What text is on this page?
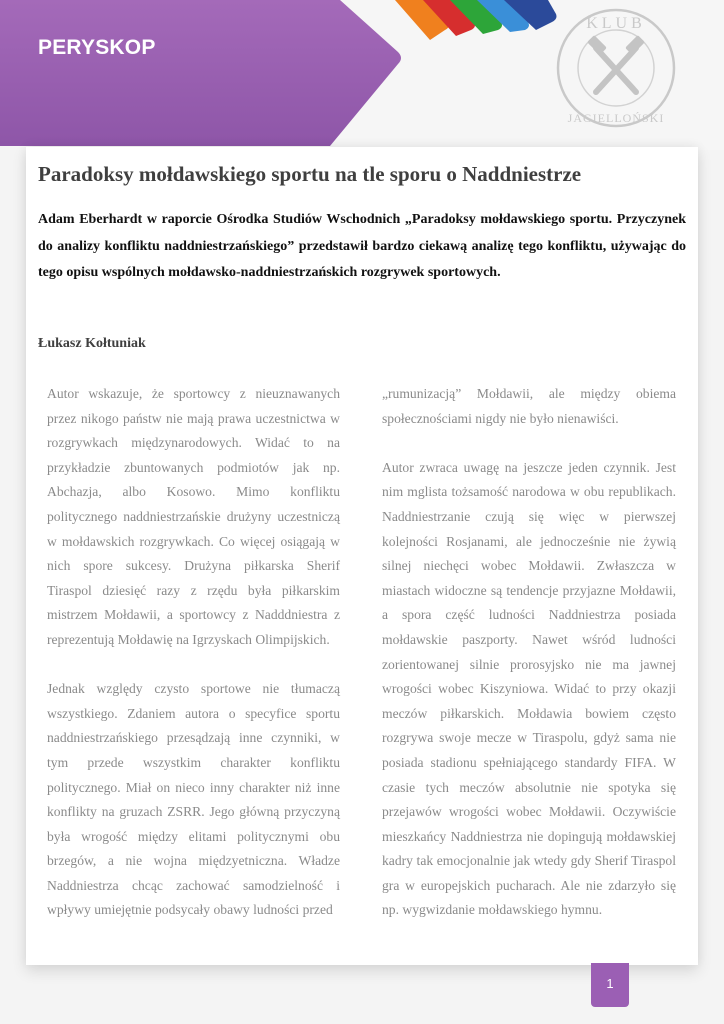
PERYSKOP
KLUB
JAGIELLOŃSKI
Paradoksy mołdawskiego sportu na tle sporu o Naddniestrze
Adam Eberhardt w raporcie Ośrodka Studiów Wschodnich „Paradoksy mołdawskiego sportu. Przyczynek do analizy konfliktu naddniestrzańskiego” przedstawił bardzo ciekawą analizę tego konfliktu, używając do tego opisu wspólnych mołdawsko-naddniestrzańskich rozgrywek sportowych.
Łukasz Kołtuniak

Autor wskazuje, że sportowcy z nieuznawanych przez nikogo państw nie mają prawa uczestnictwa w rozgrywkach międzynarodowych. Widać to na przykładzie zbuntowanych podmiotów jak np. Abchazja, albo Kosowo. Mimo konfliktu politycznego naddniestrzańskie drużyny uczestniczą w mołdawskich rozgrywkach. Co więcej osiągają w nich spore sukcesy. Drużyna piłkarska Sherif Tiraspol dziesięć razy z rzędu była piłkarskim mistrzem Mołdawii, a sportowcy z Nadddniestra z reprezentują Mołdawię na Igrzyskach Olimpijskich.

Jednak względy czysto sportowe nie tłumaczą wszystkiego. Zdaniem autora o specyfice sportu naddniestrzańskiego przesądzają inne czynniki, w tym przede wszystkim charakter konfliktu politycznego. Miał on nieco inny charakter niż inne konflikty na gruzach ZSRR. Jego główną przyczyną była wrogość między elitami politycznymi obu brzegów, a nie wojna międzyetniczna. Władze Naddniestrza chcąc zachować samodzielność i wpływy umiejętnie podsycały obawy ludności przed

„rumunizacją” Mołdawii, ale między obiema społecznościami nigdy nie było nienawiści.

Autor zwraca uwagę na jeszcze jeden czynnik. Jest nim mglista tożsamość narodowa w obu republikach. Naddniestrzanie czują się więc w pierwszej kolejności Rosjanami, ale jednocześnie nie żywią silnej niechęci wobec Mołdawii. Zwłaszcza w miastach widoczne są tendencje przyjazne Mołdawii, a spora część ludności Naddniestrza posiada mołdawskie paszporty. Nawet wśród ludności zorientowanej silnie prorosyjsko nie ma jawnej wrogości wobec Kiszyniowa. Widać to przy okazji meczów piłkarskich. Mołdawia bowiem często rozgrywa swoje mecze w Tiraspolu, gdyż sama nie posiada stadionu spełniającego standardy FIFA. W czasie tych meczów absolutnie nie spotyka się przejawów wrogości wobec Mołdawii. Oczywiście mieszkańcy Naddniestrza nie dopingują mołdawskiej kadry tak emocjonalnie jak wtedy gdy Sherif Tiraspol gra w europejskich pucharach. Ale nie zdarzyło się np. wygwizdanie mołdawskiego hymnu.

1
